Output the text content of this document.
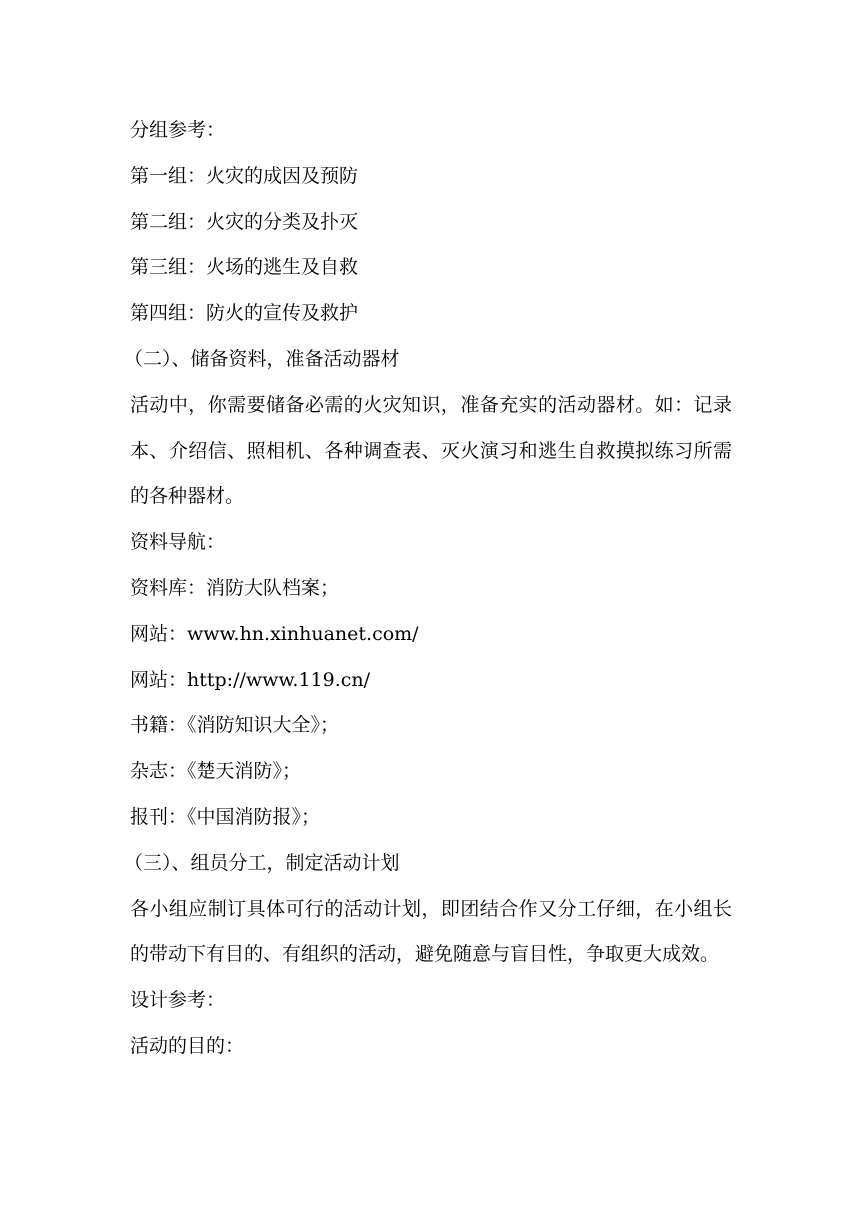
分组参考：
第一组：火灾的成因及预防
第二组：火灾的分类及扑灭
第三组：火场的逃生及自救
第四组：防火的宣传及救护
（二）、储备资料，准备活动器材
活动中，你需要储备必需的火灾知识，准备充实的活动器材。如：记录本、介绍信、照相机、各种调查表、灭火演习和逃生自救摸拟练习所需的各种器材。
资料导航：
资料库：消防大队档案；
网站：www.hn.xinhuanet.com/
网站：http://www.119.cn/
书籍：《消防知识大全》；
杂志：《楚天消防》；
报刊：《中国消防报》；
（三）、组员分工，制定活动计划
各小组应制订具体可行的活动计划，即团结合作又分工仔细，在小组长的带动下有目的、有组织的活动，避免随意与盲目性，争取更大成效。
设计参考：
活动的目的：
